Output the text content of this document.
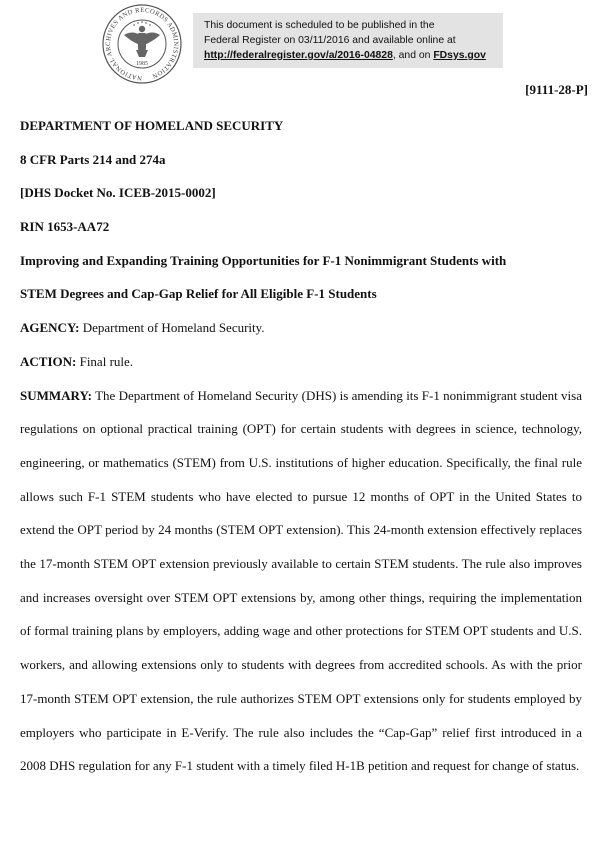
NATIONAL ARCHIVES AND RECORDS ADMINISTRATION
1985
This document is scheduled to be published in the
Federal Register on 03/11/2016 and available online at
http://federalregister.gov/a/2016-04828, and on FDsys.gov
[9111-28-P]
DEPARTMENT OF HOMELAND SECURITY
8 CFR Parts 214 and 274a
[DHS Docket No. ICEB-2015-0002]
RIN 1653-AA72
Improving and Expanding Training Opportunities for F-1 Nonimmigrant Students with
STEM Degrees and Cap-Gap Relief for All Eligible F-1 Students
AGENCY: Department of Homeland Security.
ACTION: Final rule.
SUMMARY: The Department of Homeland Security (DHS) is amending its F-1 nonimmigrant student visa regulations on optional practical training (OPT) for certain students with degrees in science, technology, engineering, or mathematics (STEM) from U.S. institutions of higher education. Specifically, the final rule allows such F-1 STEM students who have elected to pursue 12 months of OPT in the United States to extend the OPT period by 24 months (STEM OPT extension). This 24-month extension effectively replaces the 17-month STEM OPT extension previously available to certain STEM students. The rule also improves and increases oversight over STEM OPT extensions by, among other things, requiring the implementation of formal training plans by employers, adding wage and other protections for STEM OPT students and U.S. workers, and allowing extensions only to students with degrees from accredited schools. As with the prior 17-month STEM OPT extension, the rule authorizes STEM OPT extensions only for students employed by employers who participate in E-Verify. The rule also includes the “Cap-Gap” relief first introduced in a 2008 DHS regulation for any F-1 student with a timely filed H-1B petition and request for change of status.
